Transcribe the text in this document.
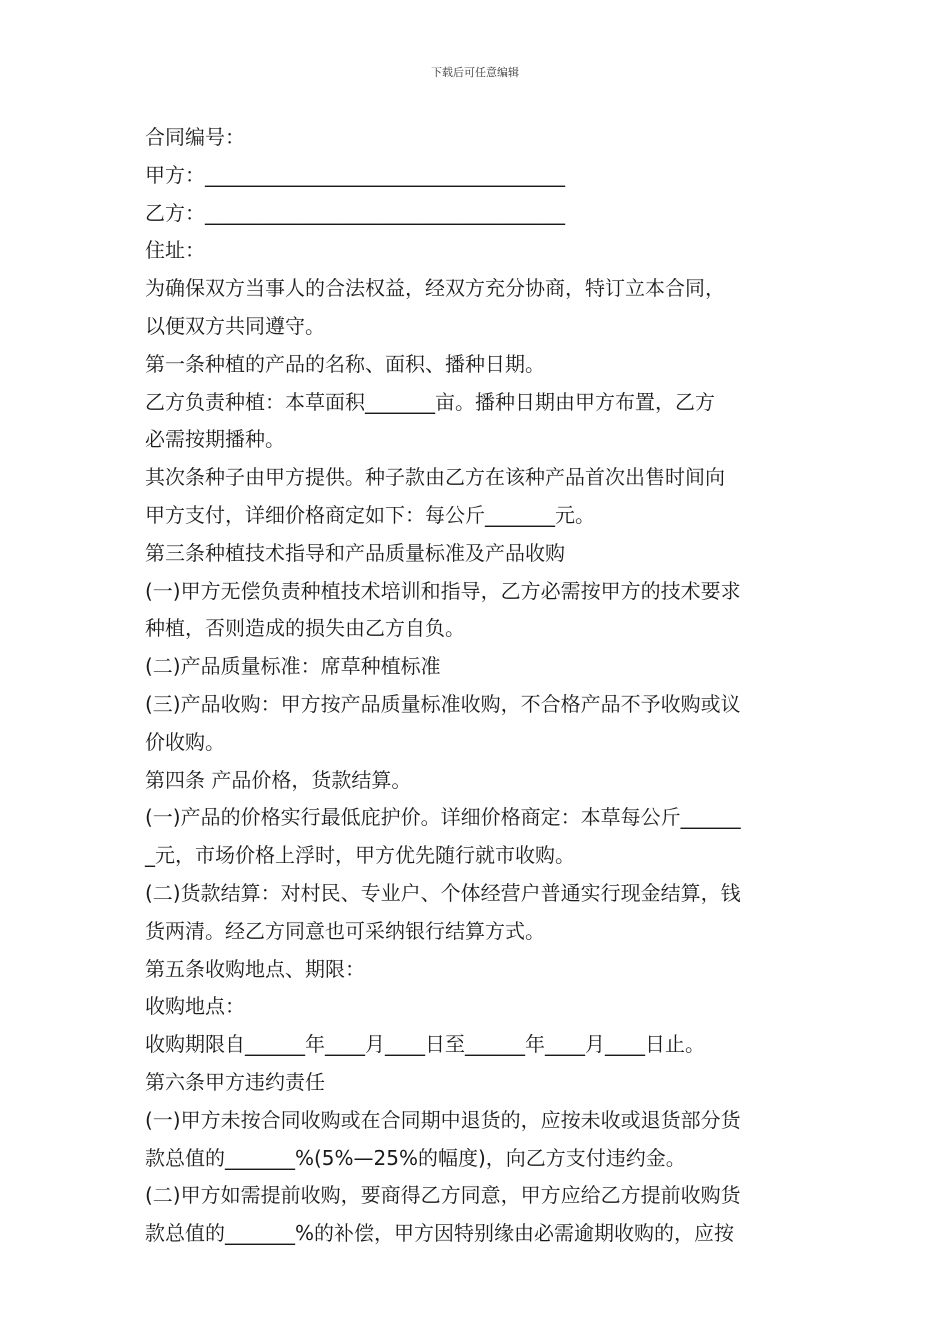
下载后可任意编辑

合同编号：

甲方：____________________________________

乙方：____________________________________

住址：

为确保双方当事人的合法权益，经双方充分协商，特订立本合同，

以便双方共同遵守。

第一条种植的产品的名称、面积、播种日期。

乙方负责种植：本草面积_______亩。播种日期由甲方布置，乙方

必需按期播种。

其次条种子由甲方提供。种子款由乙方在该种产品首次出售时间向

甲方支付，详细价格商定如下：每公斤_______元。

第三条种植技术指导和产品质量标准及产品收购

(一)甲方无偿负责种植技术培训和指导，乙方必需按甲方的技术要求

种植，否则造成的损失由乙方自负。

(二)产品质量标准：席草种植标准

(三)产品收购：甲方按产品质量标准收购，不合格产品不予收购或议

价收购。

第四条 产品价格，货款结算。

(一)产品的价格实行最低庇护价。详细价格商定：本草每公斤______

_元，市场价格上浮时，甲方优先随行就市收购。

(二)货款结算：对村民、专业户、个体经营户普通实行现金结算，钱

货两清。经乙方同意也可采纳银行结算方式。

第五条收购地点、期限：

收购地点：

收购期限自______年____月____日至______年____月____日止。

第六条甲方违约责任

(一)甲方未按合同收购或在合同期中退货的，应按未收或退货部分货

款总值的_______%(5%—25%的幅度)，向乙方支付违约金。

(二)甲方如需提前收购，要商得乙方同意，甲方应给乙方提前收购货

款总值的_______%的补偿，甲方因特别缘由必需逾期收购的，应按
